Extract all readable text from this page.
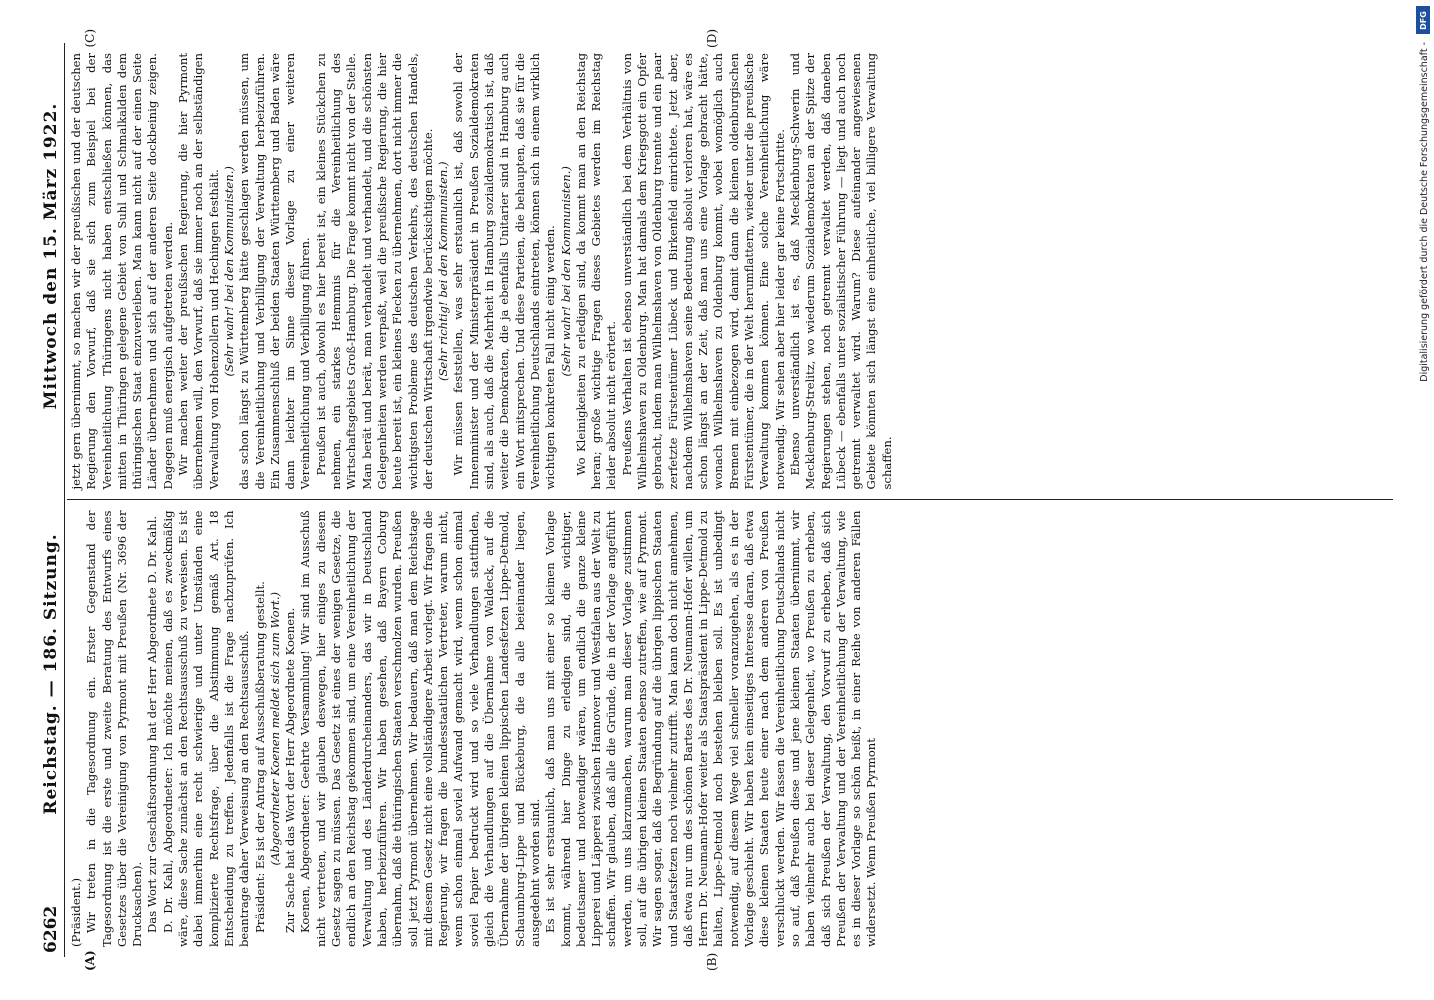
6262
Reichstag. — 186. Sitzung.
Mittwoch den 15. März 1922.
(A)	(B)

(Präsident.) Wir treten in die Tagesordnung ein. Erster Gegenstand der Tagesordnung ist die erste und zweite Beratung des Entwurfs eines Gesetzes über die Vereinigung von Pyrmont mit Preußen (Nr. 3696 der Drucksachen). Das Wort zur Geschäftsordnung hat der Herr Abgeordnete D. Dr. Kahl. D. Dr. Kahl, Abgeordneter: Ich möchte meinen, daß es zweckmäßig wäre, diese Sache zunächst an den Rechtsausschuß zu verweisen. Es ist dabei immerhin eine recht schwierige und unter Umständen eine komplizierte Rechtsfrage, über die Abstimmung gemäß Art. 18 Entscheidung zu treffen. Jedenfalls ist die Frage nachzuprüfen. Ich beantrage daher Verweisung an den Rechtsausschuß. Präsident: Es ist der Antrag auf Ausschußberatung gestellt. (Abgeordneter Koenen meldet sich zum Wort.) Zur Sache hat das Wort der Herr Abgeordnete Koenen. Koenen, Abgeordneter: Geehrte Versammlung! Wir sind im Ausschuß nicht vertreten, und wir glauben deswegen, hier einiges zu diesem Gesetz sagen zu müssen. Das Gesetz ist eines der wenigen Gesetze, die endlich an den Reichstag gekommen sind, um eine Vereinheitlichung der Verwaltung und des Länderdurcheinanders, das wir in Deutschland haben, herbeizuführen. Wir haben gesehen, daß Bayern Coburg übernahm, daß die thüringischen Staaten verschmolzen wurden. Preußen soll jetzt Pyrmont übernehmen. Wir bedauern, daß man dem Reichstage mit diesem Gesetz nicht eine vollständigere Arbeit vorlegt. Wir fragen die Regierung, wir fragen die bundesstaatlichen Vertreter, warum nicht, wenn schon einmal soviel Aufwand gemacht wird, wenn schon einmal soviel Papier bedruckt wird und so viele Verhandlungen stattfinden, gleich die Verhandlungen auf die Übernahme von Waldeck, auf die Übernahme der übrigen kleinen lippischen Landesfetzen Lippe-Detmold, Schaumburg-Lippe und Bückeburg, die da alle beieinander liegen, ausgedehnt worden sind. Es ist sehr erstaunlich, daß man uns mit einer so kleinen Vorlage kommt, während hier Dinge zu erledigen sind, die wichtiger, bedeutsamer und notwendiger wären, um endlich die ganze kleine Lipperei und Läpperei zwischen Hannover und Westfalen aus der Welt zu schaffen. Wir glauben, daß alle die Gründe, die in der Vorlage angeführt werden, um uns klarzumachen, warum man dieser Vorlage zustimmen soll, auf die übrigen kleinen Staaten ebenso zutreffen, wie auf Pyrmont. Wir sagen sogar, daß die Begründung auf die übrigen lippischen Staaten und Staatsfetzen noch vielmehr zutrifft. Man kann doch nicht annehmen, daß etwa nur um des schönen Bartes des Dr. Neumann-Hofer willen, um Herrn Dr. Neumann-Hofer weiter als Staatspräsident in Lippe-Detmold zu halten, Lippe-Detmold noch bestehen bleiben soll. Es ist unbedingt notwendig, auf diesem Wege viel schneller voranzugehen, als es in der Vorlage geschieht. Wir haben kein einseitiges Interesse daran, daß etwa diese kleinen Staaten heute einer nach dem anderen von Preußen verschluckt werden. Wir fassen die Vereinheitlichung Deutschlands nicht so auf, daß Preußen diese und jene kleinen Staaten übernimmt, wir haben vielmehr auch bei dieser Gelegenheit, wo Preußen zu erheben, daß sich Preußen der Verwaltung, den Vorwurf zu erheben, daß sich Preußen der Verwaltung und der Vereinheitlichung der Verwaltung, wie es in dieser Vorlage so schön heißt, in einer Reihe von anderen Fällen widersetzt. Wenn Preußen Pyrmont

jetzt gern übernimmt, so machen wir der preußischen und der deutschen Regierung den Vorwurf, daß sie sich zum Beispiel bei der Vereinheitlichung Thüringens nicht haben entschließen können, das mitten in Thüringen gelegene Gebiet von Suhl und Schmalkalden dem thüringischen Staat einzuverleiben. Man kann nicht auf der einen Seite Länder übernehmen und sich auf der anderen Seite dockbeinig zeigen. Dagegen muß energisch aufgetreten werden. Wir machen weiter der preußischen Regierung, die hier Pyrmont übernehmen will, den Vorwurf, daß sie immer noch an der selbständigen Verwaltung von Hohenzollern und Hechingen festhält. (Sehr wahr! bei den Kommunisten.) das schon längst zu Württemberg hätte geschlagen werden müssen, um die Vereinheitlichung und Verbilligung der Verwaltung herbeizuführen. Ein Zusammenschluß der beiden Staaten Württemberg und Baden wäre dann leichter im Sinne dieser Vorlage zu einer weiteren Vereinheitlichung und Verbilligung führen. Preußen ist auch, obwohl es hier bereit ist, ein kleines Stückchen zu nehmen, ein starkes Hemmnis für die Vereinheitlichung des Wirtschaftsgebiets Groß-Hamburg. Die Frage kommt nicht von der Stelle. Man berät und berät, man verhandelt und verhandelt, und die schönsten Gelegenheiten werden verpaßt, weil die preußische Regierung, die hier heute bereit ist, ein kleines Flecken zu übernehmen, dort nicht immer die wichtigsten Probleme des deutschen Verkehrs, des deutschen Handels, der deutschen Wirtschaft irgendwie berücksichtigen möchte. (Sehr richtig! bei den Kommunisten.) Wir müssen feststellen, was sehr erstaunlich ist, daß sowohl der Innenminister und der Ministerpräsident in Preußen Sozialdemokraten sind, als auch, daß die Mehrheit in Hamburg sozialdemokratisch ist, daß weiter die Demokraten, die ja ebenfalls Unitarier sind in Hamburg auch ein Wort mitsprechen. Und diese Parteien, die behaupten, daß sie für die Vereinheitlichung Deutschlands eintreten, können sich in einem wirklich wichtigen konkreten Fall nicht einig werden. (Sehr wahr! bei den Kommunisten.) Wo Kleinigkeiten zu erledigen sind, da kommt man an den Reichstag heran; große wichtige Fragen dieses Gebietes werden im Reichstag leider absolut nicht erörtert. Preußens Verhalten ist ebenso unverständlich bei dem Verhältnis von Wilhelmshaven zu Oldenburg. Man hat damals dem Kriegsgott ein Opfer gebracht, indem man Wilhelmshaven von Oldenburg trennte und ein paar zerfetzte Fürstentümer Lübeck und Birkenfeld einrichtete. Jetzt aber, nachdem Wilhelmshaven seine Bedeutung absolut verloren hat, wäre es schon längst an der Zeit, daß man uns eine Vorlage gebracht hätte, wonach Wilhelmshaven zu Oldenburg kommt, wobei womöglich auch Bremen mit einbezogen wird, damit dann die kleinen oldenburgischen Fürstentümer, die in der Welt herumflattern, wieder unter die preußische Verwaltung kommen können. Eine solche Vereinheitlichung wäre notwendig. Wir sehen aber hier leider gar keine Fortschritte. Ebenso unverständlich ist es, daß Mecklenburg-Schwerin und Mecklenburg-Strelitz, wo wiederum Sozialdemokraten an der Spitze der Regierungen stehen, noch getrennt verwaltet werden, daß daneben Lübeck — ebenfalls unter sozialistischer Führung — liegt und auch noch getrennt verwaltet wird. Warum? Diese aufeinander angewiesenen Gebiete könnten sich längst eine einheitliche, viel billigere Verwaltung schaffen.

(C)	(D)
DFG
Digitalisierung gefördert durch die Deutsche Forschungsgemeinschaft -
